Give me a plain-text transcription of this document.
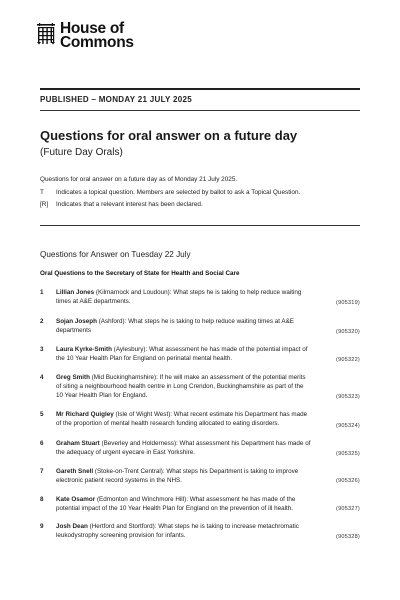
House of
Commons
PUBLISHED – MONDAY 21 JULY 2025
Questions for oral answer on a future day
(Future Day Orals)
Questions for oral answer on a future day as of Monday 21 July 2025.
T	Indicates a topical question. Members are selected by ballot to ask a Topical Question.
[R]	Indicates that a relevant interest has been declared.
Questions for Answer on Tuesday 22 July
Oral Questions to the Secretary of State for Health and Social Care
1	Lillian Jones (Kilmarnock and Loudoun): What steps he is taking to help reduce waiting
times at A&E departments.	(905319)
2	Sojan Joseph (Ashford): What steps he is taking to help reduce waiting times at A&E
departments	(905320)
3	Laura Kyrke-Smith (Aylesbury): What assessment he has made of the potential impact of
the 10 Year Health Plan for England on perinatal mental health.	(905322)
4	Greg Smith (Mid Buckinghamshire): If he will make an assessment of the potential merits
of siting a neighbourhood health centre in Long Crendon, Buckinghamshire as part of the
10 Year Health Plan for England.	(905323)
5	Mr Richard Quigley (Isle of Wight West): What recent estimate his Department has made
of the proportion of mental health research funding allocated to eating disorders.	(905324)
6	Graham Stuart (Beverley and Holderness): What assessment his Department has made of
the adequacy of urgent eyecare in East Yorkshire.	(905325)
7	Gareth Snell (Stoke-on-Trent Central): What steps his Department is taking to improve
electronic patient record systems in the NHS.	(905326)
8	Kate Osamor (Edmonton and Winchmore Hill): What assessment he has made of the
potential impact of the 10 Year Health Plan for England on the prevention of ill health.	(905327)
9	Josh Dean (Hertford and Stortford): What steps he is taking to increase metachromatic
leukodystrophy screening provision for infants.	(905328)
